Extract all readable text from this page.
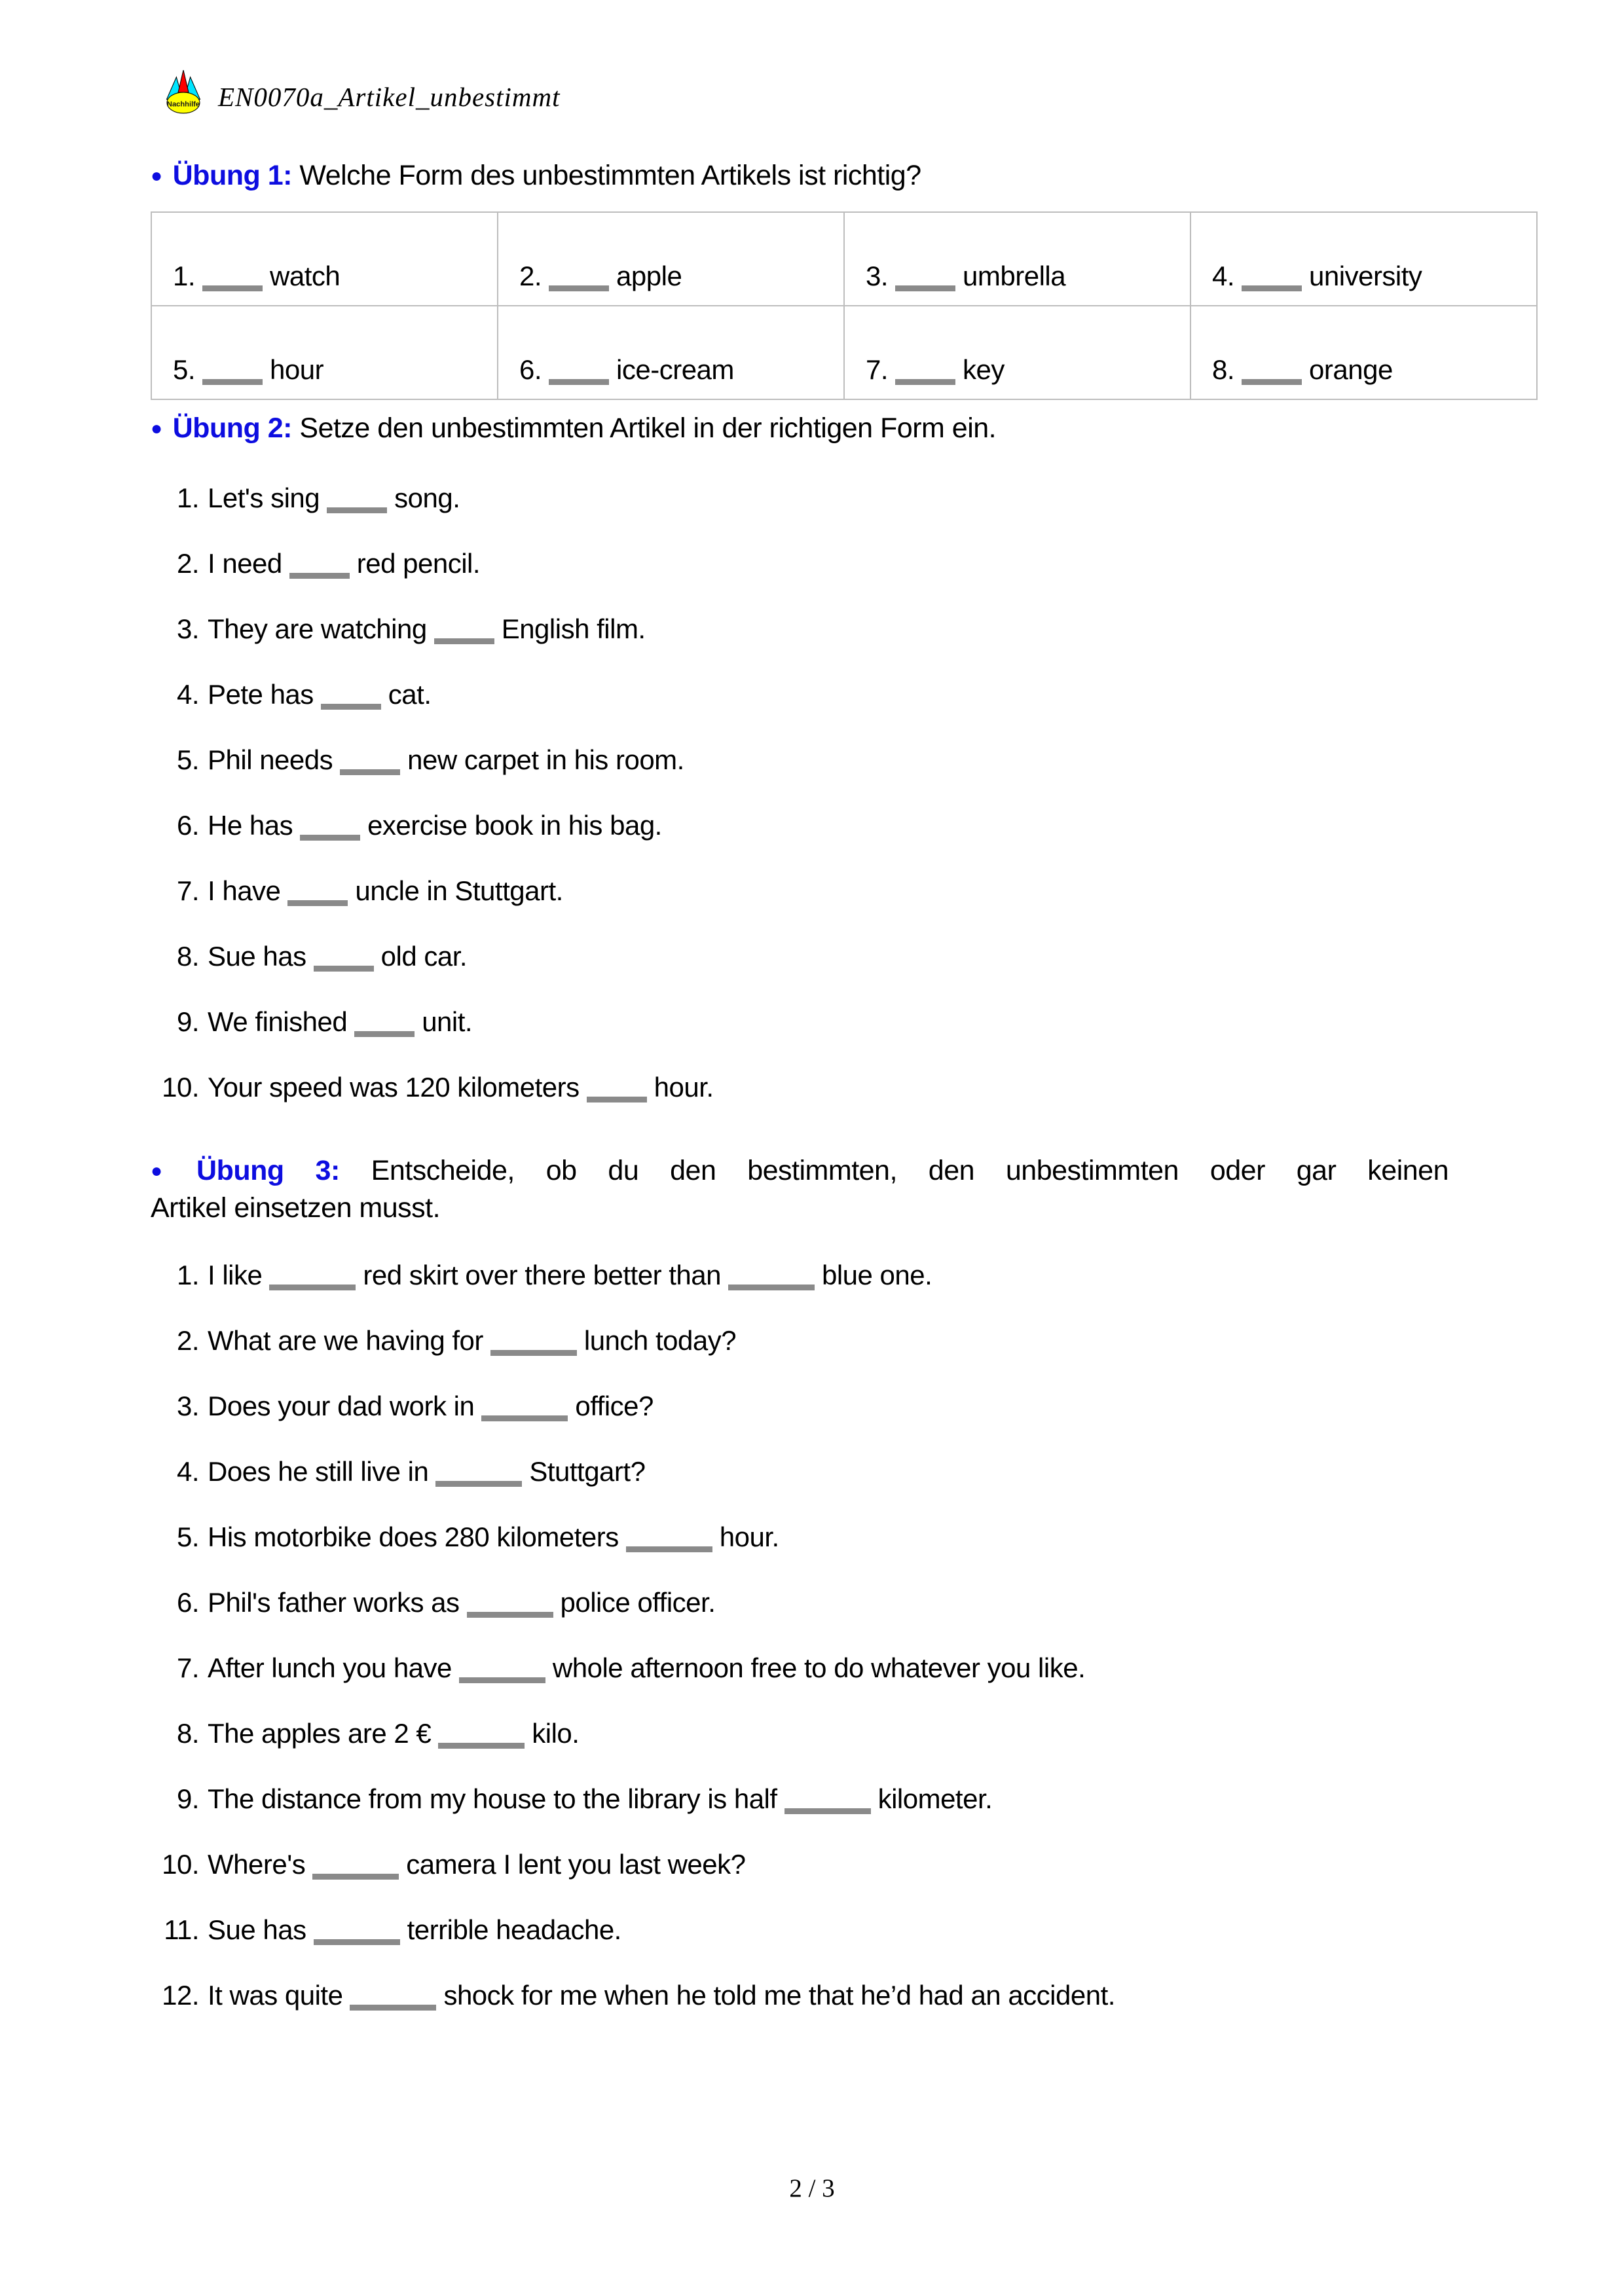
Nachhilfe EN0070a_Artikel_unbestimmt
● Übung 1: Welche Form des unbestimmten Artikels ist richtig?
1. watch	2. apple	3. umbrella	4. university
5. hour	6. ice-cream	7. key	8. orange
● Übung 2: Setze den unbestimmten Artikel in der richtigen Form ein.
1. Let's sing	song.
2. I need	red pencil.
3. They are watching	English film.
4. Pete has	cat.
5. Phil needs	new carpet in his room.
6. He has	exercise book in his bag.
7. I have	uncle in Stuttgart.
8. Sue has	old car.
9. We finished	unit.
10. Your speed was 120 kilometers	hour.
● Übung 3: Entscheide, ob du den bestimmten, den unbestimmten oder gar keinen
Artikel einsetzen musst.
1. I like	red skirt over there better than	blue one.
2. What are we having for	lunch today?
3. Does your dad work in	office?
4. Does he still live in	Stuttgart?
5. His motorbike does 280 kilometers	hour.
6. Phil's father works as	police officer.
7. After lunch you have	whole afternoon free to do whatever you like.
8. The apples are 2 €	kilo.
9. The distance from my house to the library is half	kilometer.
10. Where's	camera I lent you last week?
11. Sue has	terrible headache.
12. It was quite	shock for me when he told me that he’d had an accident.
2 / 3
